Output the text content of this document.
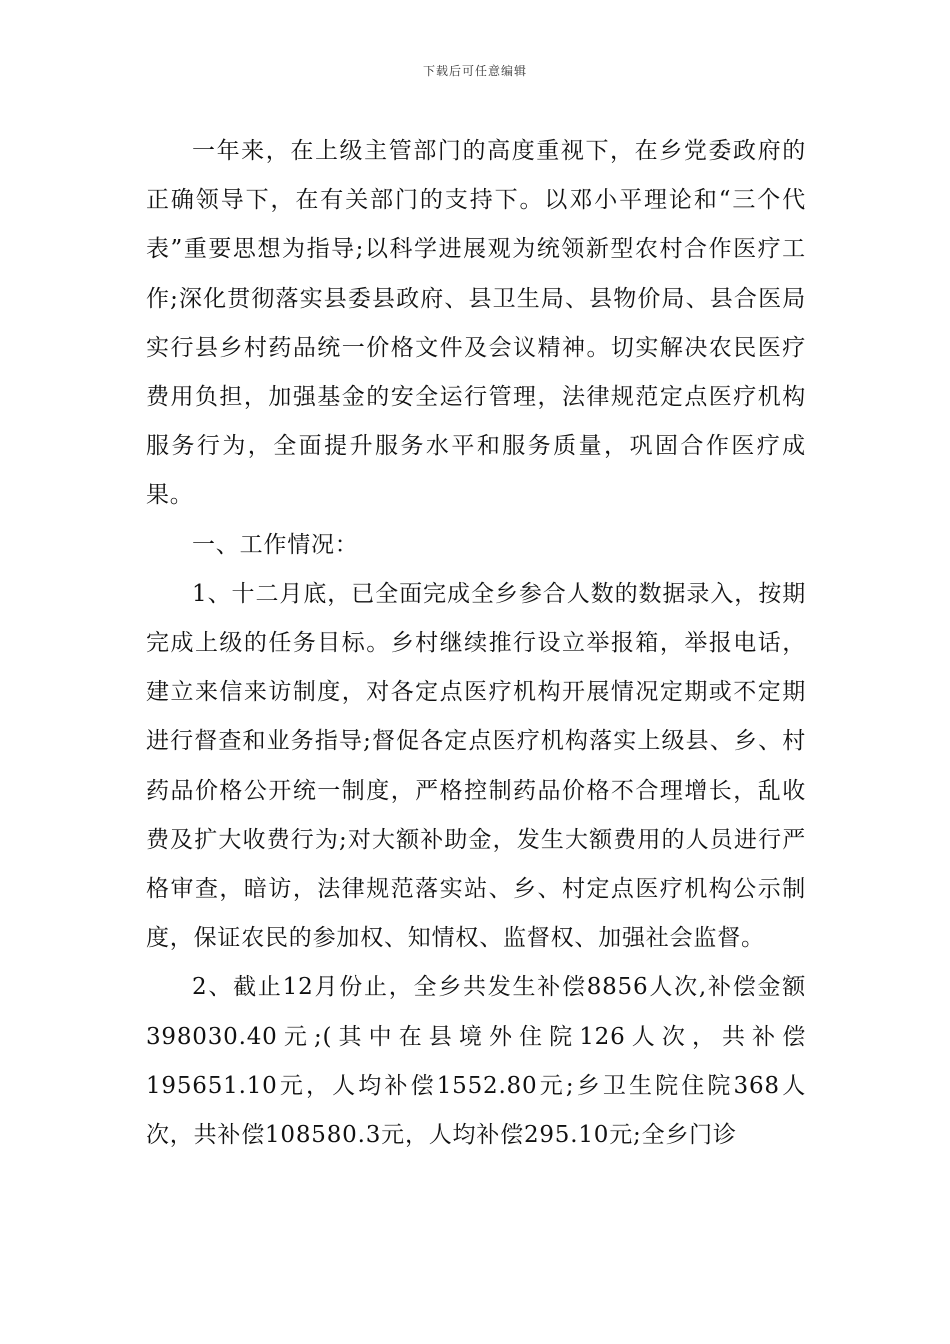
下载后可任意编辑

一年来，在上级主管部门的高度重视下，在乡党委政府的正确领导下，在有关部门的支持下。以邓小平理论和“三个代表”重要思想为指导;以科学进展观为统领新型农村合作医疗工作;深化贯彻落实县委县政府、县卫生局、县物价局、县合医局实行县乡村药品统一价格文件及会议精神。切实解决农民医疗费用负担，加强基金的安全运行管理，法律规范定点医疗机构服务行为，全面提升服务水平和服务质量，巩固合作医疗成果。

一、工作情况：

1、十二月底，已全面完成全乡参合人数的数据录入，按期完成上级的任务目标。乡村继续推行设立举报箱，举报电话，建立来信来访制度，对各定点医疗机构开展情况定期或不定期进行督查和业务指导;督促各定点医疗机构落实上级县、乡、村药品价格公开统一制度，严格控制药品价格不合理增长，乱收费及扩大收费行为;对大额补助金，发生大额费用的人员进行严格审查，暗访，法律规范落实站、乡、村定点医疗机构公示制度，保证农民的参加权、知情权、监督权、加强社会监督。

2、截止12月份止，全乡共发生补偿8856人次,补偿金额398030.40元;(其中在县境外住院126人次，共补偿195651.10元，人均补偿1552.80元;乡卫生院住院368人次，共补偿108580.3元，人均补偿295.10元;全乡门诊
